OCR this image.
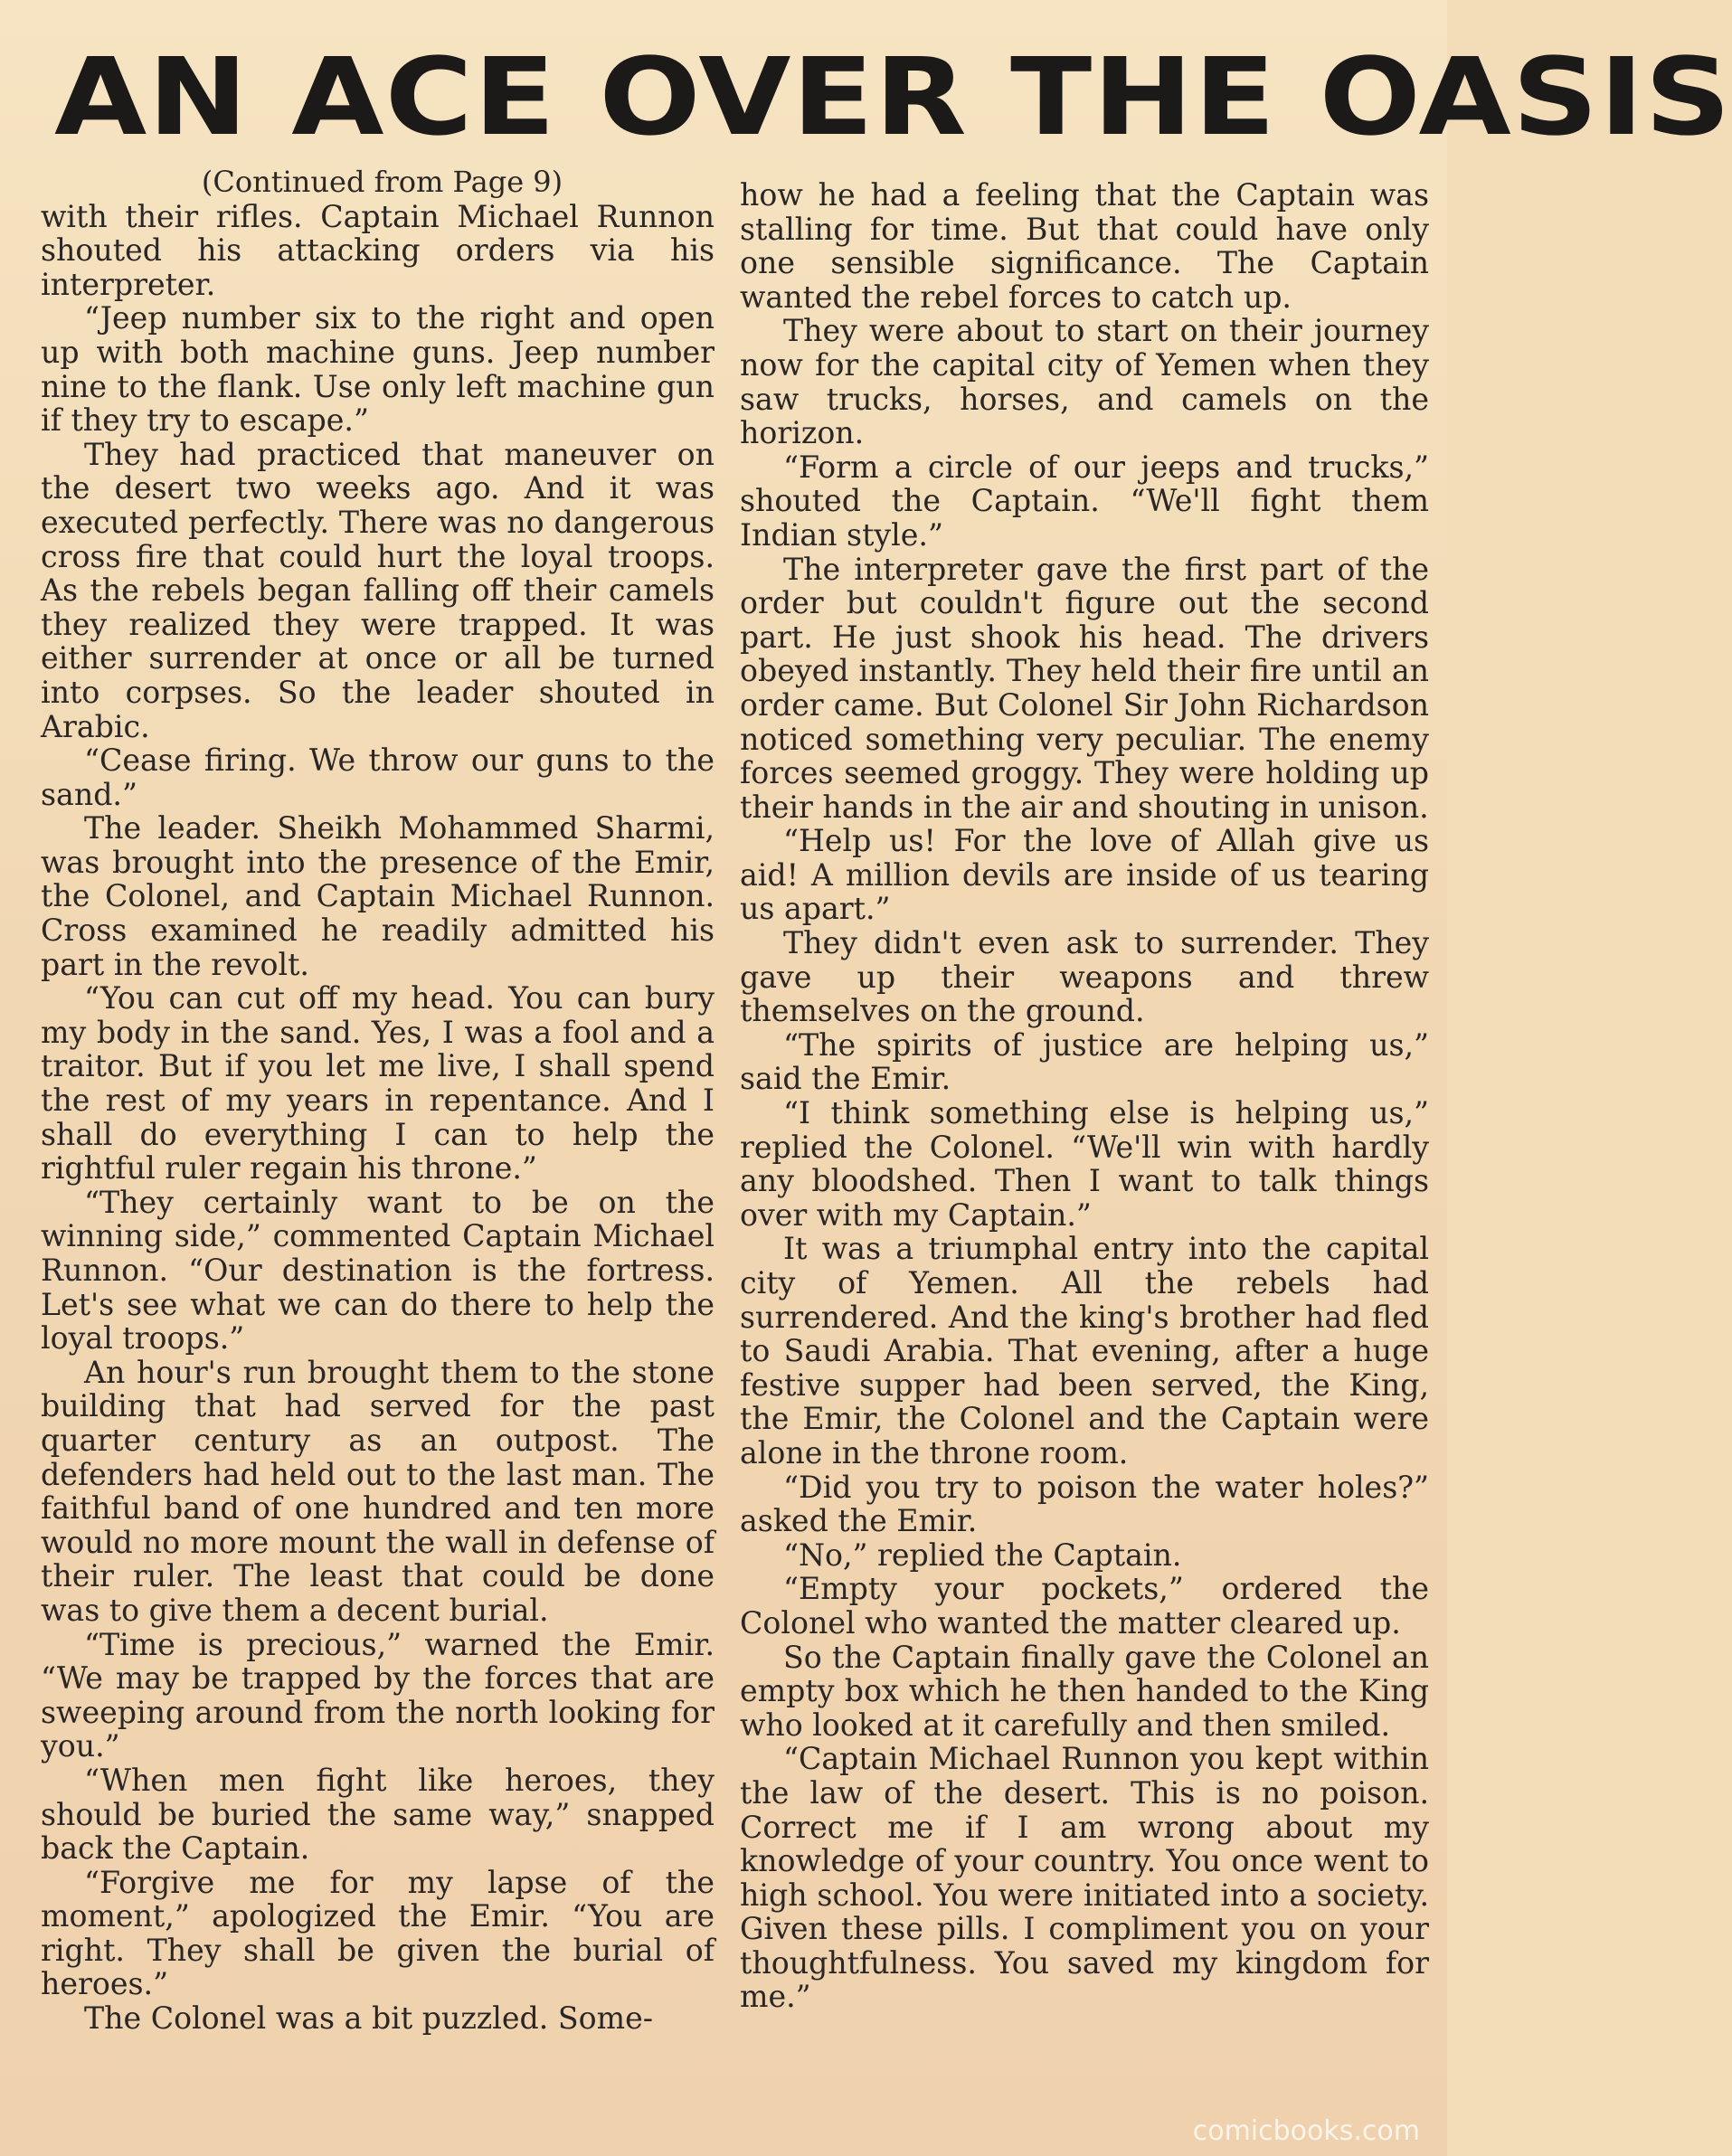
AN ACE OVER THE OASIS

(Continued from Page 9)

with their rifles. Captain Michael Runnon shouted his attacking orders via his interpreter.

“Jeep number six to the right and open up with both machine guns. Jeep number nine to the flank. Use only left machine gun if they try to escape.”

They had practiced that maneuver on the desert two weeks ago. And it was executed perfectly. There was no dangerous cross fire that could hurt the loyal troops. As the rebels began falling off their camels they realized they were trapped. It was either surrender at once or all be turned into corpses. So the leader shouted in Arabic.

“Cease firing. We throw our guns to the sand.”

The leader. Sheikh Mohammed Sharmi, was brought into the presence of the Emir, the Colonel, and Captain Michael Runnon. Cross examined he readily admitted his part in the revolt.

“You can cut off my head. You can bury my body in the sand. Yes, I was a fool and a traitor. But if you let me live, I shall spend the rest of my years in repentance. And I shall do everything I can to help the rightful ruler regain his throne.”

“They certainly want to be on the winning side,” commented Captain Michael Runnon. “Our destination is the fortress. Let's see what we can do there to help the loyal troops.”

An hour's run brought them to the stone building that had served for the past quarter century as an outpost. The defenders had held out to the last man. The faithful band of one hundred and ten more would no more mount the wall in defense of their ruler. The least that could be done was to give them a decent burial.

“Time is precious,” warned the Emir. “We may be trapped by the forces that are sweeping around from the north looking for you.”

“When men fight like heroes, they should be buried the same way,” snapped back the Captain.

“Forgive me for my lapse of the moment,” apologized the Emir. “You are right. They shall be given the burial of heroes.”

The Colonel was a bit puzzled. Some-

how he had a feeling that the Captain was stalling for time. But that could have only one sensible significance. The Captain wanted the rebel forces to catch up.

They were about to start on their journey now for the capital city of Yemen when they saw trucks, horses, and camels on the horizon.

“Form a circle of our jeeps and trucks,” shouted the Captain. “We'll fight them Indian style.”

The interpreter gave the first part of the order but couldn't figure out the second part. He just shook his head. The drivers obeyed instantly. They held their fire until an order came. But Colonel Sir John Richardson noticed something very peculiar. The enemy forces seemed groggy. They were holding up their hands in the air and shouting in unison.

“Help us! For the love of Allah give us aid! A million devils are inside of us tearing us apart.”

They didn't even ask to surrender. They gave up their weapons and threw themselves on the ground.

“The spirits of justice are helping us,” said the Emir.

“I think something else is helping us,” replied the Colonel. “We'll win with hardly any bloodshed. Then I want to talk things over with my Captain.”

It was a triumphal entry into the capital city of Yemen. All the rebels had surrendered. And the king's brother had fled to Saudi Arabia. That evening, after a huge festive supper had been served, the King, the Emir, the Colonel and the Captain were alone in the throne room.

“Did you try to poison the water holes?” asked the Emir.

“No,” replied the Captain.

“Empty your pockets,” ordered the Colonel who wanted the matter cleared up.

So the Captain finally gave the Colonel an empty box which he then handed to the King who looked at it carefully and then smiled.

“Captain Michael Runnon you kept within the law of the desert. This is no poison. Correct me if I am wrong about my knowledge of your country. You once went to high school. You were initiated into a society. Given these pills. I compliment you on your thoughtfulness. You saved my kingdom for me.”

comicbooks.com
